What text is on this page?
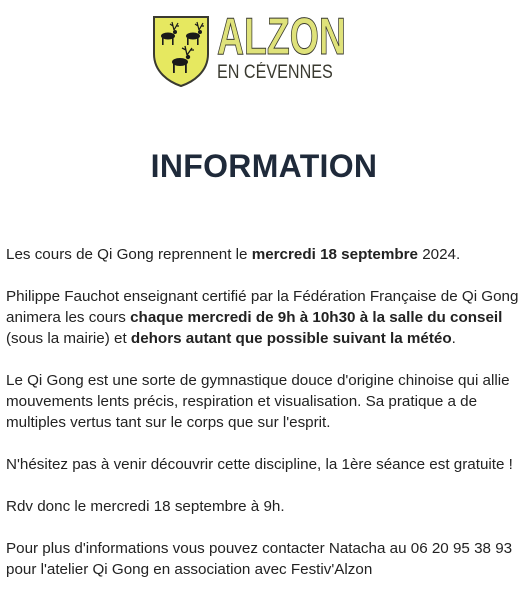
ALZON
EN CÉVENNES
INFORMATION

Les cours de Qi Gong reprennent le mercredi 18 septembre 2024.

Philippe Fauchot enseignant certifié par la Fédération Française de Qi Gong animera les cours chaque mercredi de 9h à 10h30 à la salle du conseil (sous la mairie) et dehors autant que possible suivant la météo.

Le Qi Gong est une sorte de gymnastique douce d'origine chinoise qui allie mouvements lents précis, respiration et visualisation. Sa pratique a de multiples vertus tant sur le corps que sur l'esprit.

N'hésitez pas à venir découvrir cette discipline, la 1ère séance est gratuite !

Rdv donc le mercredi 18 septembre à 9h.

Pour plus d'informations vous pouvez contacter Natacha au 06 20 95 38 93 pour l'atelier Qi Gong en association avec Festiv'Alzon
